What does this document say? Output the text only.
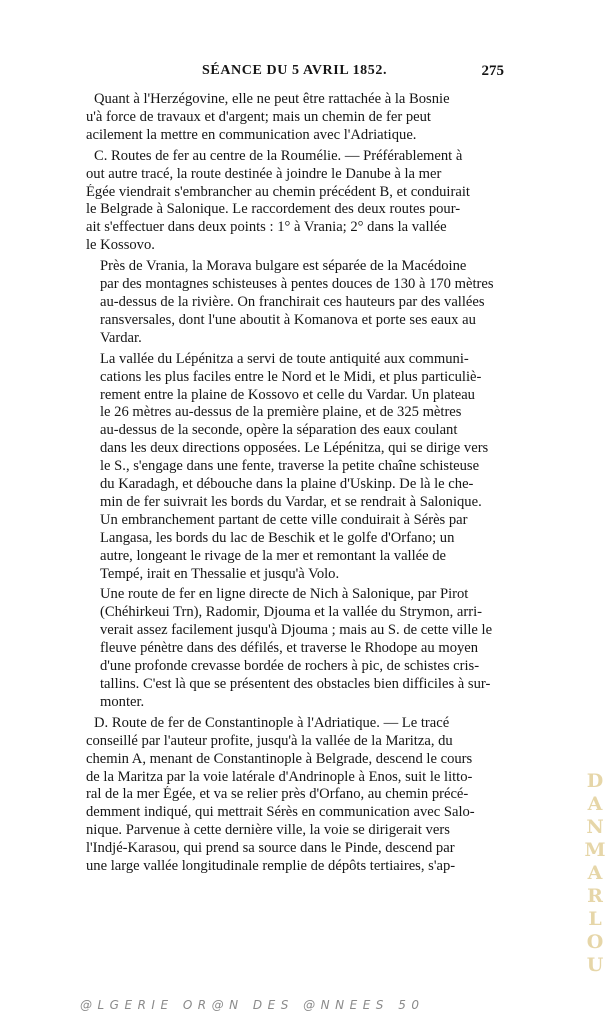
SÉANCE DU 5 AVRIL 1852.	275

Quant à l'Herzégovine, elle ne peut être rattachée à la Bosnie
u'à force de travaux et d'argent; mais un chemin de fer peut
acilement la mettre en communication avec l'Adriatique.

C. Routes de fer au centre de la Roumélie. — Préférablement à
out autre tracé, la route destinée à joindre le Danube à la mer
Égée viendrait s'embrancher au chemin précédent B, et conduirait
le Belgrade à Salonique. Le raccordement des deux routes pour-
ait s'effectuer dans deux points : 1° à Vrania; 2° dans la vallée
le Kossovo.

Près de Vrania, la Morava bulgare est séparée de la Macédoine
par des montagnes schisteuses à pentes douces de 130 à 170 mètres
au-dessus de la rivière. On franchirait ces hauteurs par des vallées
ransversales, dont l'une aboutit à Komanova et porte ses eaux au
Vardar.

La vallée du Lépénitza a servi de toute antiquité aux communi-
cations les plus faciles entre le Nord et le Midi, et plus particuliè-
rement entre la plaine de Kossovo et celle du Vardar. Un plateau
le 26 mètres au-dessus de la première plaine, et de 325 mètres
au-dessus de la seconde, opère la séparation des eaux coulant
dans les deux directions opposées. Le Lépénitza, qui se dirige vers
le S., s'engage dans une fente, traverse la petite chaîne schisteuse
du Karadagh, et débouche dans la plaine d'Uskinp. De là le che-
min de fer suivrait les bords du Vardar, et se rendrait à Salonique.
Un embranchement partant de cette ville conduirait à Sérès par
Langasa, les bords du lac de Beschik et le golfe d'Orfano; un
autre, longeant le rivage de la mer et remontant la vallée de
Tempé, irait en Thessalie et jusqu'à Volo.

Une route de fer en ligne directe de Nich à Salonique, par Pirot
(Chéhirkeui Trn), Radomir, Djouma et la vallée du Strymon, arri-
verait assez facilement jusqu'à Djouma ; mais au S. de cette ville le
fleuve pénètre dans des défilés, et traverse le Rhodope au moyen
d'une profonde crevasse bordée de rochers à pic, de schistes cris-
tallins. C'est là que se présentent des obstacles bien difficiles à sur-
monter.

D. Route de fer de Constantinople à l'Adriatique. — Le tracé
conseillé par l'auteur profite, jusqu'à la vallée de la Maritza, du
chemin A, menant de Constantinople à Belgrade, descend le cours
de la Maritza par la voie latérale d'Andrinople à Enos, suit le litto-
ral de la mer Égée, et va se relier près d'Orfano, au chemin précé-
demment indiqué, qui mettrait Sérès en communication avec Salo-
nique. Parvenue à cette dernière ville, la voie se dirigerait vers
l'Indjé-Karasou, qui prend sa source dans le Pinde, descend par
une large vallée longitudinale remplie de dépôts tertiaires, s'ap-	DANMARLOU
@LGERIE OR@N DES @NNEES 50
